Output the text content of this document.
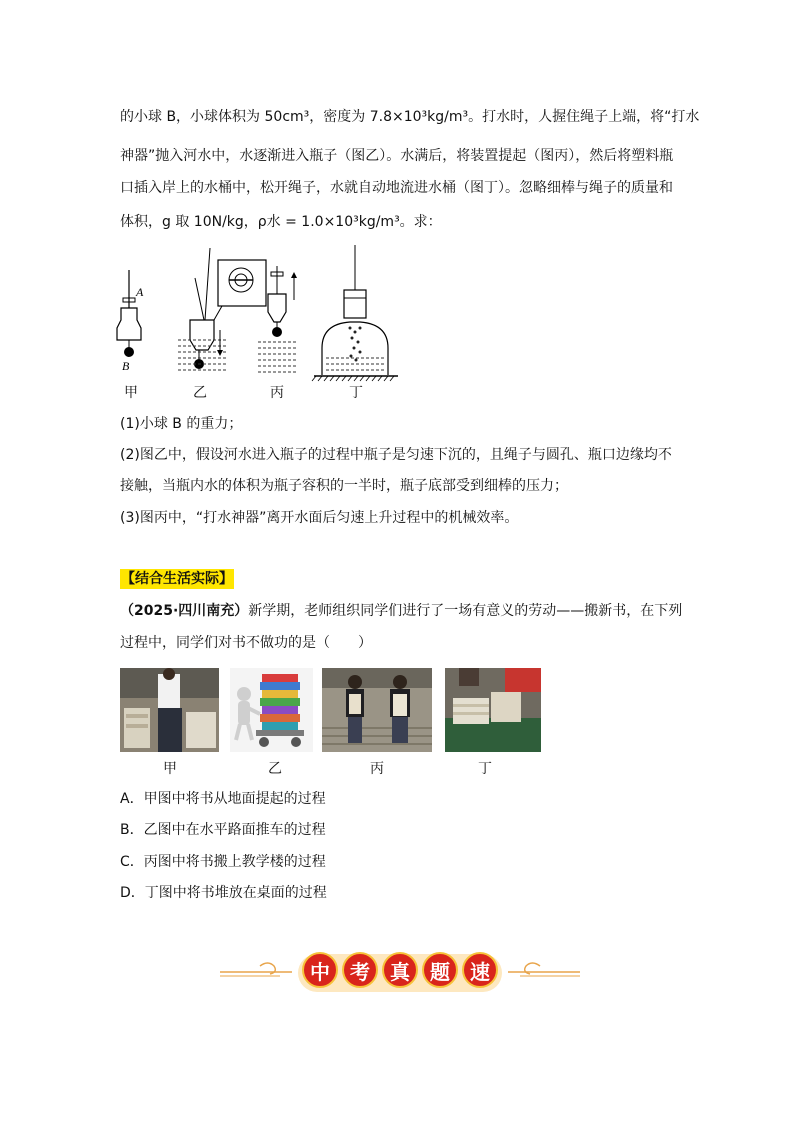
的小球 B，小球体积为 50cm³，密度为 7.8×10³kg/m³。打水时，人握住绳子上端，将“打水
神器”抛入河水中，水逐渐进入瓶子（图乙）。水满后，将装置提起（图丙），然后将塑料瓶
口插入岸上的水桶中，松开绳子，水就自动地流进水桶（图丁）。忽略细棒与绳子的质量和
体积，g 取 10N/kg，ρ水 = 1.0×10³kg/m³。求：
A
B
甲	乙	丙	丁
(1)小球 B 的重力；
(2)图乙中，假设河水进入瓶子的过程中瓶子是匀速下沉的，且绳子与圆孔、瓶口边缘均不
接触，当瓶内水的体积为瓶子容积的一半时，瓶子底部受到细棒的压力；
(3)图丙中，“打水神器”离开水面后匀速上升过程中的机械效率。
【结合生活实际】
（2025·四川南充）新学期，老师组织同学们进行了一场有意义的劳动——搬新书，在下列
过程中，同学们对书不做功的是（　　）
甲	乙	丙	丁
A．甲图中将书从地面提起的过程
B．乙图中在水平路面推车的过程
C．丙图中将书搬上教学楼的过程
D．丁图中将书堆放在桌面的过程
中	考	真	题	速
